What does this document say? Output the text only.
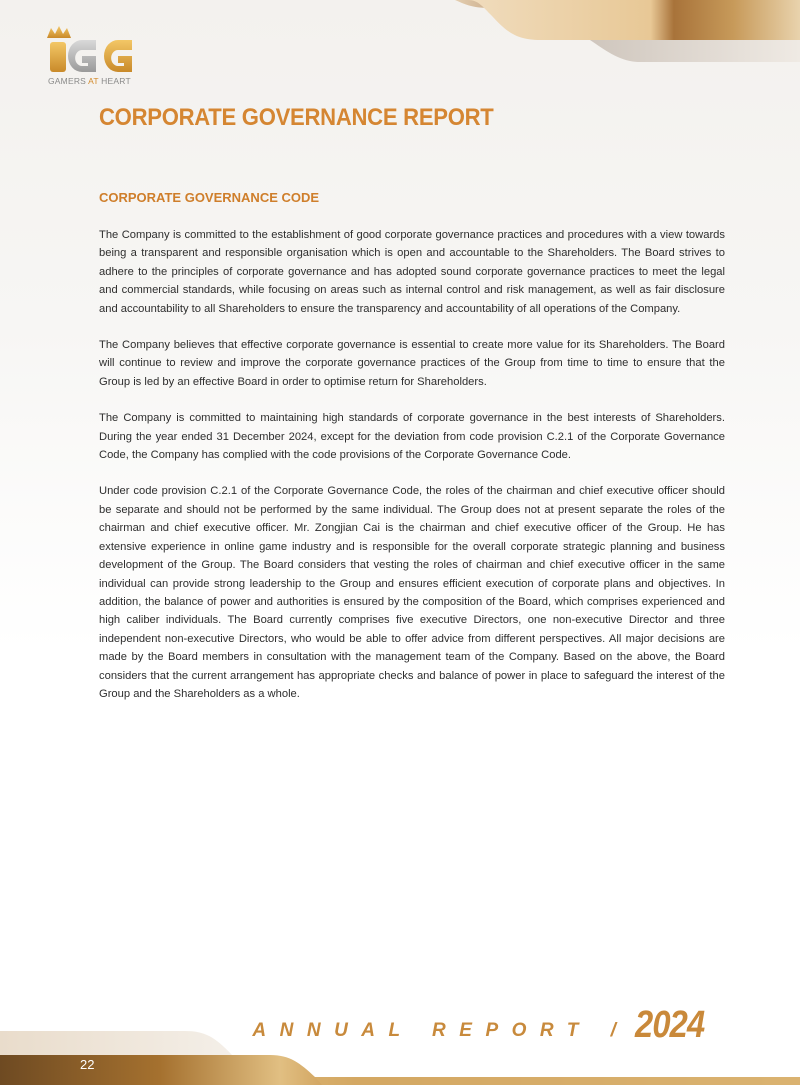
GAMERS AT HEART
CORPORATE GOVERNANCE REPORT
CORPORATE GOVERNANCE CODE

The Company is committed to the establishment of good corporate governance practices and procedures with a view towards being a transparent and responsible organisation which is open and accountable to the Shareholders. The Board strives to adhere to the principles of corporate governance and has adopted sound corporate governance practices to meet the legal and commercial standards, while focusing on areas such as internal control and risk management, as well as fair disclosure and accountability to all Shareholders to ensure the transparency and accountability of all operations of the Company.

The Company believes that effective corporate governance is essential to create more value for its Shareholders. The Board will continue to review and improve the corporate governance practices of the Group from time to time to ensure that the Group is led by an effective Board in order to optimise return for Shareholders.

The Company is committed to maintaining high standards of corporate governance in the best interests of Shareholders. During the year ended 31 December 2024, except for the deviation from code provision C.2.1 of the Corporate Governance Code, the Company has complied with the code provisions of the Corporate Governance Code.

Under code provision C.2.1 of the Corporate Governance Code, the roles of the chairman and chief executive officer should be separate and should not be performed by the same individual. The Group does not at present separate the roles of the chairman and chief executive officer. Mr. Zongjian Cai is the chairman and chief executive officer of the Group. He has extensive experience in online game industry and is responsible for the overall corporate strategic planning and business development of the Group. The Board considers that vesting the roles of chairman and chief executive officer in the same individual can provide strong leadership to the Group and ensures efficient execution of corporate plans and objectives. In addition, the balance of power and authorities is ensured by the composition of the Board, which comprises experienced and high caliber individuals. The Board currently comprises five executive Directors, one non-executive Director and three independent non-executive Directors, who would be able to offer advice from different perspectives. All major decisions are made by the Board members in consultation with the management team of the Company. Based on the above, the Board considers that the current arrangement has appropriate checks and balance of power in place to safeguard the interest of the Group and the Shareholders as a whole.

ANNUAL REPORT / 2024
22
